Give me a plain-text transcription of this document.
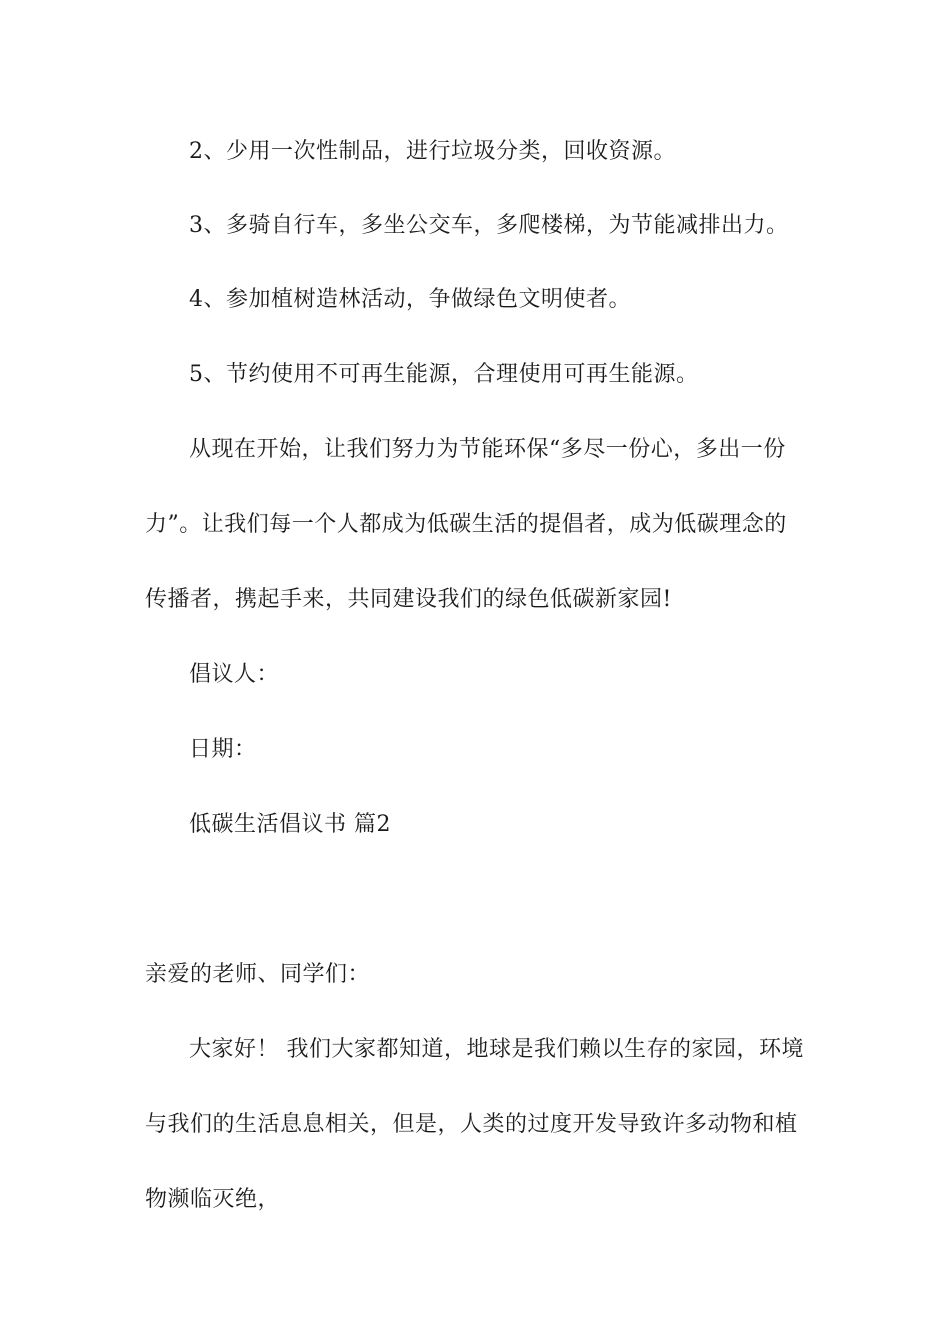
2、少用一次性制品，进行垃圾分类，回收资源。
3、多骑自行车，多坐公交车，多爬楼梯，为节能减排出力。
4、参加植树造林活动，争做绿色文明使者。
5、节约使用不可再生能源，合理使用可再生能源。
从现在开始，让我们努力为节能环保“多尽一份心，多出一份
力”。让我们每一个人都成为低碳生活的提倡者，成为低碳理念的
传播者，携起手来，共同建设我们的绿色低碳新家园!
倡议人：
日期：
低碳生活倡议书 篇2
亲爱的老师、同学们：
大家好！ 我们大家都知道，地球是我们赖以生存的家园，环境
与我们的生活息息相关，但是，人类的过度开发导致许多动物和植
物濒临灭绝，
